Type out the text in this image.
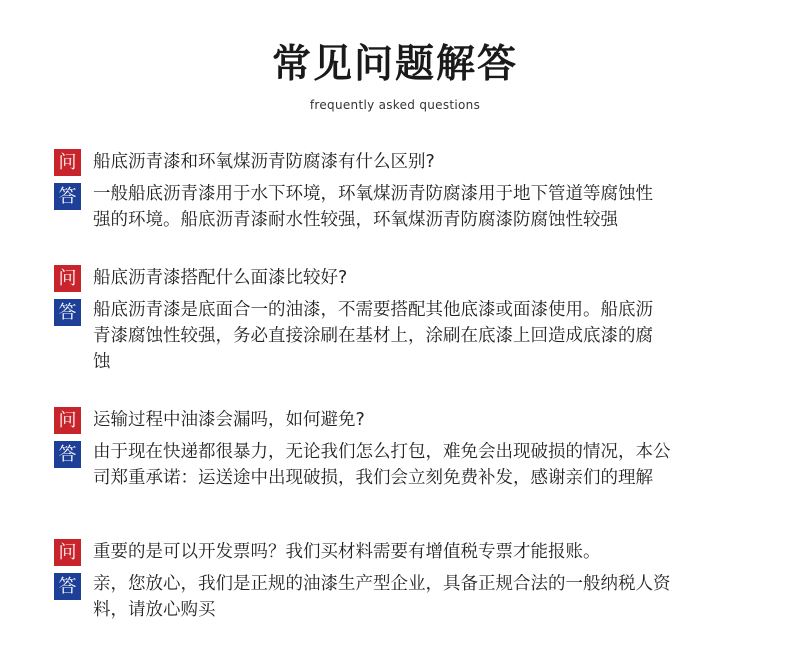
常见问题解答
frequently asked questions
问 船底沥青漆和环氧煤沥青防腐漆有什么区别?
答 一般船底沥青漆用于水下环境，环氧煤沥青防腐漆用于地下管道等腐蚀性
强的环境。船底沥青漆耐水性较强，环氧煤沥青防腐漆防腐蚀性较强
问 船底沥青漆搭配什么面漆比较好?
答 船底沥青漆是底面合一的油漆，不需要搭配其他底漆或面漆使用。船底沥
青漆腐蚀性较强，务必直接涂刷在基材上，涂刷在底漆上回造成底漆的腐
蚀
问 运输过程中油漆会漏吗，如何避免?
答 由于现在快递都很暴力，无论我们怎么打包，难免会出现破损的情况，本公
司郑重承诺：运送途中出现破损，我们会立刻免费补发，感谢亲们的理解
问 重要的是可以开发票吗？我们买材料需要有增值税专票才能报账。
答 亲，您放心，我们是正规的油漆生产型企业，具备正规合法的一般纳税人资
料，请放心购买
